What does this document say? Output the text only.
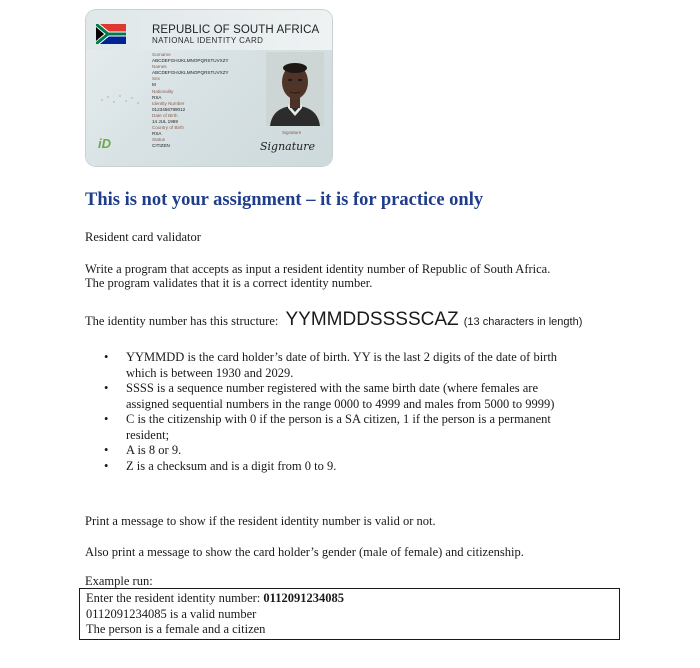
REPUBLIC OF SOUTH AFRICA
NATIONAL IDENTITY CARD
Surname
ABCDEFGHIJKLMNOPQRSTUVXZY
Names
ABCDEFGHIJKLMNOPQRSTUVXZY
Sex
M
Nationality
RSA
Identity Number
0123456789012
Date of Birth
14 JUL 1969
Country of Birth
RSA
Status
CITIZEN
iD
Signature
Signature
This is not your assignment – it is for practice only
Resident card validator
Write a program that accepts as input a resident identity number of Republic of South Africa.
The program validates that it is a correct identity number.
The identity number has this structure: YYMMDDSSSSCAZ (13 characters in length)
• YYMMDD is the card holder’s date of birth. YY is the last 2 digits of the date of birth
which is between 1930 and 2029.
• SSSS is a sequence number registered with the same birth date (where females are
assigned sequential numbers in the range 0000 to 4999 and males from 5000 to 9999)
• C is the citizenship with 0 if the person is a SA citizen, 1 if the person is a permanent
resident;
• A is 8 or 9.
• Z is a checksum and is a digit from 0 to 9.
Print a message to show if the resident identity number is valid or not.
Also print a message to show the card holder’s gender (male of female) and citizenship.
Example run:
Enter the resident identity number: 0112091234085
0112091234085 is a valid number
The person is a female and a citizen
